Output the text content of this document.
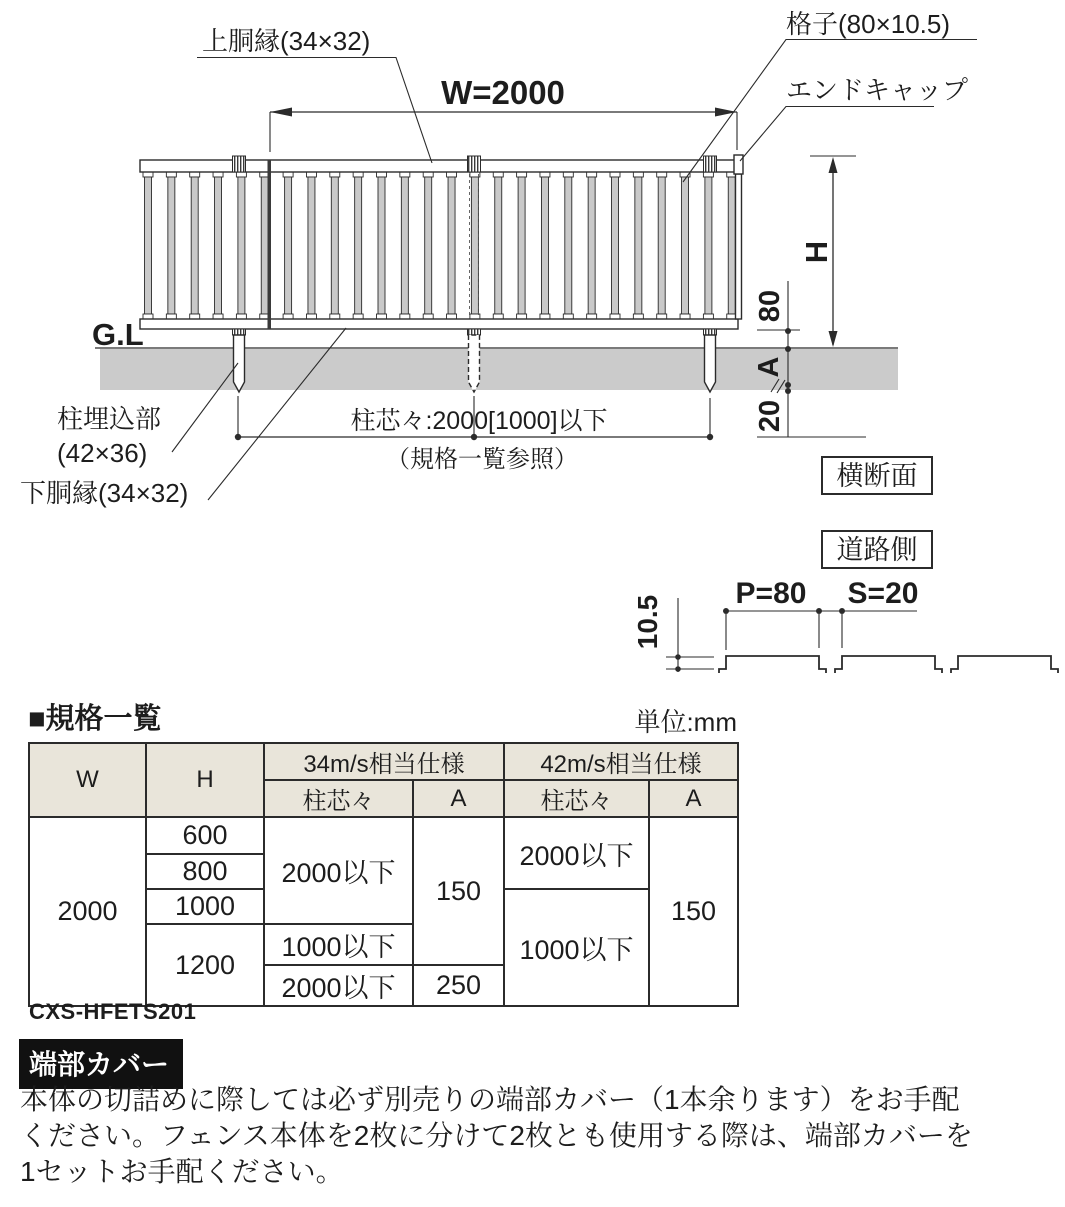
W=2000
上胴縁(34×32)
格子(80×10.5)
エンドキャップ
G.L
H
80
A
20
柱埋込部
(42×36)
下胴縁(34×32)
柱芯々:2000[1000]以下
（規格一覧参照）
横断面
道路側
10.5
P=80 S=20
■規格一覧	単位:mm
W	H	34m/s相当仕様		42m/s相当仕様	
		柱芯々	A	柱芯々	A
2000	600	2000以下	150	2000以下	150
	800				
	1000			1000以下	
	1200	1000以下			
		2000以下	250		
CXS-HFETS201
端部カバー
本体の切詰めに際しては必ず別売りの端部カバー（1本余ります）をお手配
ください。フェンス本体を2枚に分けて2枚とも使用する際は、端部カバーを
1セットお手配ください。
